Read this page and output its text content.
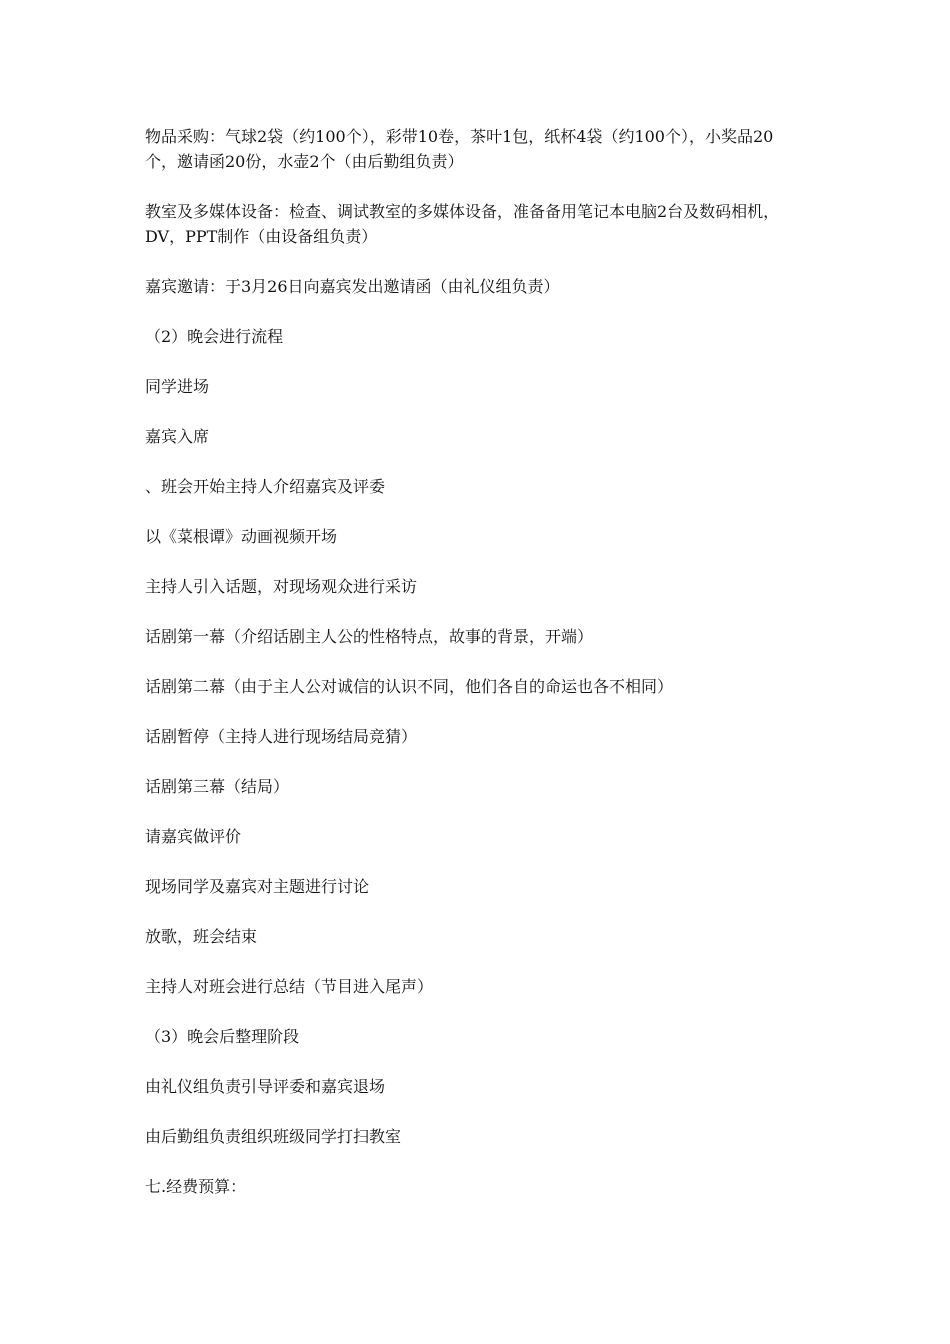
物品采购：气球2袋（约100个），彩带10卷，茶叶1包，纸杯4袋（约100个），小奖品20
个，邀请函20份，水壶2个（由后勤组负责）

教室及多媒体设备：检查、调试教室的多媒体设备，准备备用笔记本电脑2台及数码相机，
DV，PPT制作（由设备组负责）

嘉宾邀请：于3月26日向嘉宾发出邀请函（由礼仪组负责）

（2）晚会进行流程

同学进场

嘉宾入席

、班会开始主持人介绍嘉宾及评委

以《菜根谭》动画视频开场

主持人引入话题，对现场观众进行采访

话剧第一幕（介绍话剧主人公的性格特点，故事的背景，开端）

话剧第二幕（由于主人公对诚信的认识不同，他们各自的命运也各不相同）

话剧暂停（主持人进行现场结局竞猜）

话剧第三幕（结局）

请嘉宾做评价

现场同学及嘉宾对主题进行讨论

放歌，班会结束

主持人对班会进行总结（节目进入尾声）

（3）晚会后整理阶段

由礼仪组负责引导评委和嘉宾退场

由后勤组负责组织班级同学打扫教室

七.经费预算：
